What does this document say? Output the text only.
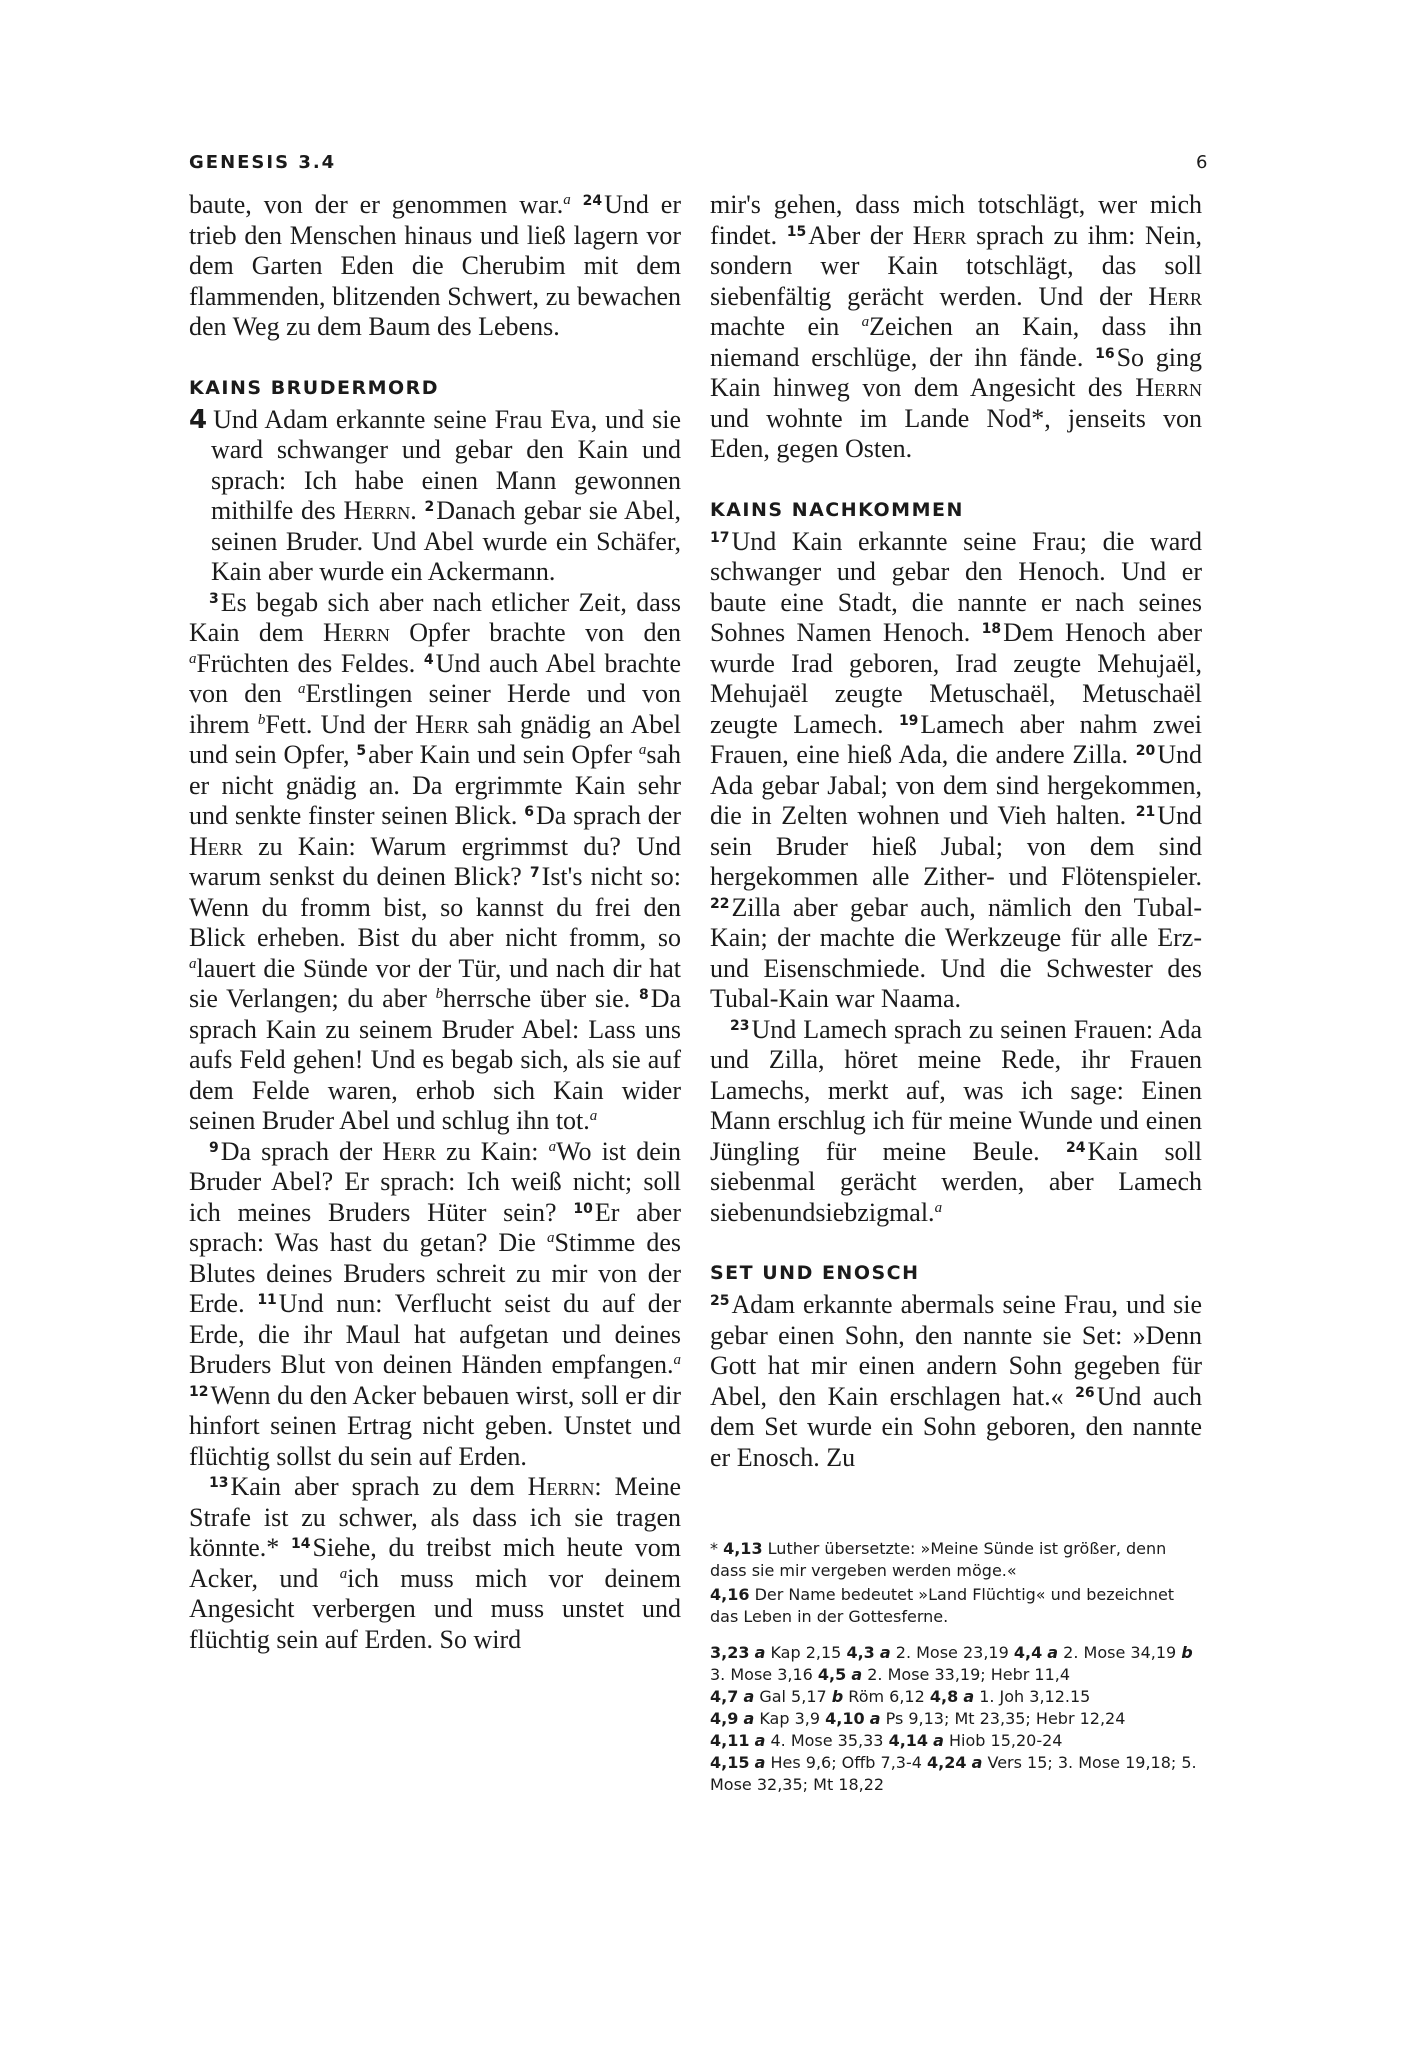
GENESIS 3.4	6

baute, von der er genommen war.$^a$ $^{24}$Und er trieb den Menschen hinaus und ließ lagern vor dem Garten Eden die Cherubim mit dem flammenden, blitzenden Schwert, zu bewachen den Weg zu dem Baum des Lebens.

KAINS BRUDERMORD

4 Und Adam erkannte seine Frau Eva, und sie ward schwanger und gebar den Kain und sprach: Ich habe einen Mann gewonnen mithilfe des Herrn. $^2$Danach gebar sie Abel, seinen Bruder. Und Abel wurde ein Schäfer, Kain aber wurde ein Ackermann.

$^3$Es begab sich aber nach etlicher Zeit, dass Kain dem Herrn Opfer brachte von den $^a$Früchten des Feldes. $^4$Und auch Abel brachte von den $^a$Erstlingen seiner Herde und von ihrem $^b$Fett. Und der Herr sah gnädig an Abel und sein Opfer, $^5$aber Kain und sein Opfer $^a$sah er nicht gnädig an. Da ergrimmte Kain sehr und senkte finster seinen Blick. $^6$Da sprach der Herr zu Kain: Warum ergrimmst du? Und warum senkst du deinen Blick? $^7$Ist's nicht so: Wenn du fromm bist, so kannst du frei den Blick erheben. Bist du aber nicht fromm, so $^a$lauert die Sünde vor der Tür, und nach dir hat sie Verlangen; du aber $^b$herrsche über sie. $^8$Da sprach Kain zu seinem Bruder Abel: Lass uns aufs Feld gehen! Und es begab sich, als sie auf dem Felde waren, erhob sich Kain wider seinen Bruder Abel und schlug ihn tot.$^a$

$^9$Da sprach der Herr zu Kain: $^a$Wo ist dein Bruder Abel? Er sprach: Ich weiß nicht; soll ich meines Bruders Hüter sein? $^{10}$Er aber sprach: Was hast du getan? Die $^a$Stimme des Blutes deines Bruders schreit zu mir von der Erde. $^{11}$Und nun: Verflucht seist du auf der Erde, die ihr Maul hat aufgetan und deines Bruders Blut von deinen Händen empfangen.$^a$ $^{12}$Wenn du den Acker bebauen wirst, soll er dir hinfort seinen Ertrag nicht geben. Unstet und flüchtig sollst du sein auf Erden.

$^{13}$Kain aber sprach zu dem Herrn: Meine Strafe ist zu schwer, als dass ich sie tragen könnte.* $^{14}$Siehe, du treibst mich heute vom Acker, und $^a$ich muss mich vor deinem Angesicht verbergen und muss unstet und flüchtig sein auf Erden. So wird

mir's gehen, dass mich totschlägt, wer mich findet. $^{15}$Aber der Herr sprach zu ihm: Nein, sondern wer Kain totschlägt, das soll siebenfältig gerächt werden. Und der Herr machte ein $^a$Zeichen an Kain, dass ihn niemand erschlüge, der ihn fände. $^{16}$So ging Kain hinweg von dem Angesicht des Herrn und wohnte im Lande Nod*, jenseits von Eden, gegen Osten.

KAINS NACHKOMMEN

$^{17}$Und Kain erkannte seine Frau; die ward schwanger und gebar den Henoch. Und er baute eine Stadt, die nannte er nach seines Sohnes Namen Henoch. $^{18}$Dem Henoch aber wurde Irad geboren, Irad zeugte Mehujaël, Mehujaël zeugte Metuschaël, Metuschaël zeugte Lamech. $^{19}$Lamech aber nahm zwei Frauen, eine hieß Ada, die andere Zilla. $^{20}$Und Ada gebar Jabal; von dem sind hergekommen, die in Zelten wohnen und Vieh halten. $^{21}$Und sein Bruder hieß Jubal; von dem sind hergekommen alle Zither- und Flötenspieler. $^{22}$Zilla aber gebar auch, nämlich den Tubal-Kain; der machte die Werkzeuge für alle Erz- und Eisenschmiede. Und die Schwester des Tubal-Kain war Naama.

$^{23}$Und Lamech sprach zu seinen Frauen: Ada und Zilla, höret meine Rede, ihr Frauen Lamechs, merkt auf, was ich sage: Einen Mann erschlug ich für meine Wunde und einen Jüngling für meine Beule. $^{24}$Kain soll siebenmal gerächt werden, aber Lamech siebenundsiebzigmal.$^a$

SET UND ENOSCH

$^{25}$Adam erkannte abermals seine Frau, und sie gebar einen Sohn, den nannte sie Set: »Denn Gott hat mir einen andern Sohn gegeben für Abel, den Kain erschlagen hat.« $^{26}$Und auch dem Set wurde ein Sohn geboren, den nannte er Enosch. Zu

* 4,13 Luther übersetzte: »Meine Sünde ist größer, denn dass sie mir vergeben werden möge.«

4,16 Der Name bedeutet »Land Flüchtig« und bezeichnet das Leben in der Gottesferne.

3,23 a Kap 2,15 4,3 a 2. Mose 23,19 4,4 a 2. Mose 34,19 b 3. Mose 3,16 4,5 a 2. Mose 33,19; Hebr 11,4
4,7 a Gal 5,17 b Röm 6,12 4,8 a 1. Joh 3,12.15
4,9 a Kap 3,9 4,10 a Ps 9,13; Mt 23,35; Hebr 12,24
4,11 a 4. Mose 35,33 4,14 a Hiob 15,20-24
4,15 a Hes 9,6; Offb 7,3-4 4,24 a Vers 15; 3. Mose 19,18; 5. Mose 32,35; Mt 18,22
